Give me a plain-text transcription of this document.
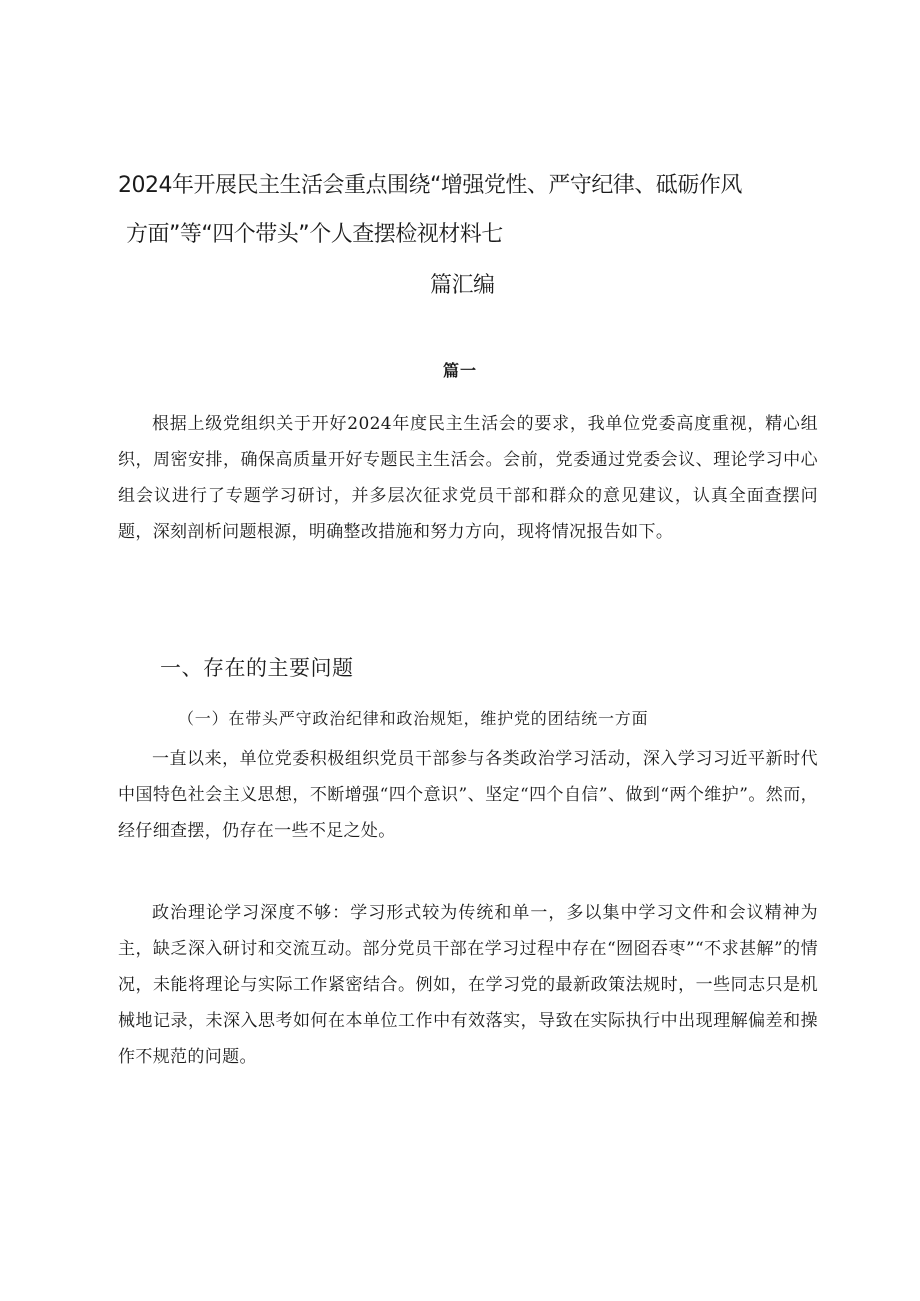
2024年开展民主生活会重点围绕“增强党性、严守纪律、砥砺作风
方面”等“四个带头”个人查摆检视材料七
篇汇编
篇一

根据上级党组织关于开好2024年度民主生活会的要求，我单位党委高度重视，精心组织，周密安排，确保高质量开好专题民主生活会。会前，党委通过党委会议、理论学习中心组会议进行了专题学习研讨，并多层次征求党员干部和群众的意见建议，认真全面查摆问题，深刻剖析问题根源，明确整改措施和努力方向，现将情况报告如下。

一、存在的主要问题

（一）在带头严守政治纪律和政治规矩，维护党的团结统一方面

一直以来，单位党委积极组织党员干部参与各类政治学习活动，深入学习习近平新时代中国特色社会主义思想，不断增强“四个意识”、坚定“四个自信”、做到“两个维护”。然而，经仔细查摆，仍存在一些不足之处。

政治理论学习深度不够：学习形式较为传统和单一，多以集中学习文件和会议精神为主，缺乏深入研讨和交流互动。部分党员干部在学习过程中存在“囫囵吞枣”“不求甚解”的情况，未能将理论与实际工作紧密结合。例如，在学习党的最新政策法规时，一些同志只是机械地记录，未深入思考如何在本单位工作中有效落实，导致在实际执行中出现理解偏差和操作不规范的问题。
